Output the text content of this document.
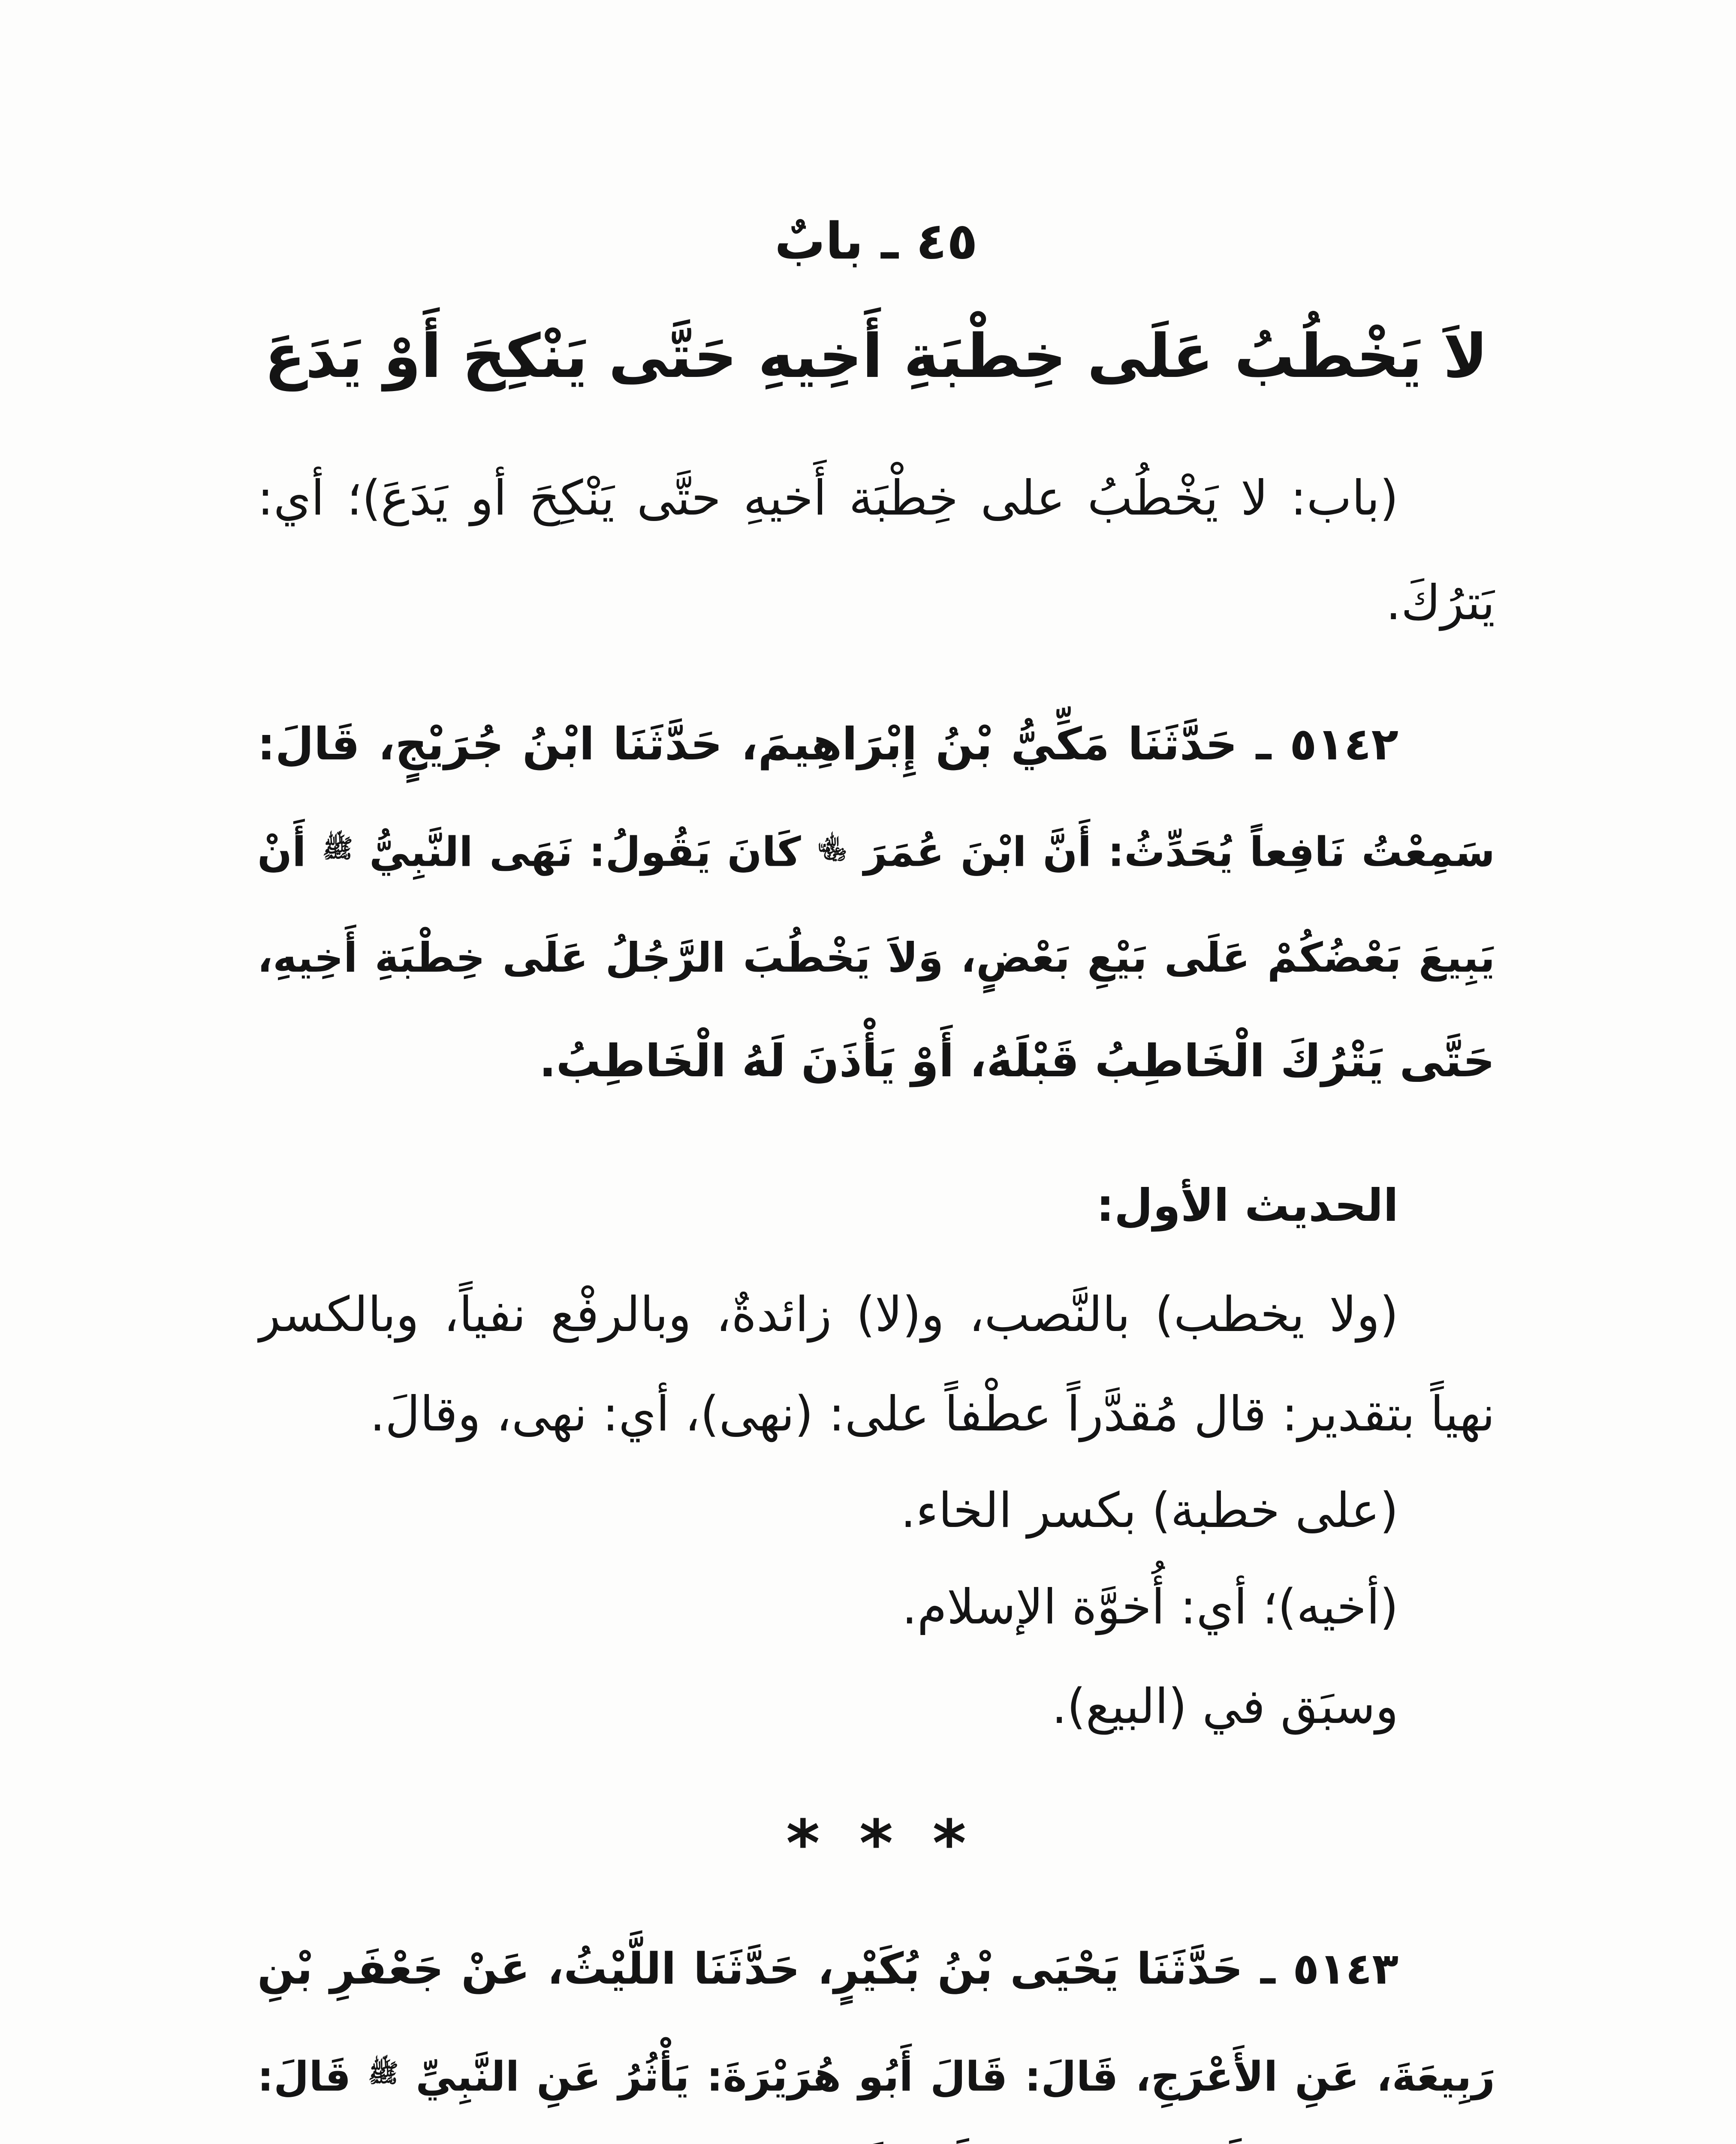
٤٥ ـ بابٌ
لاَ يَخْطُبُ عَلَى خِطْبَةِ أَخِيهِ حَتَّى يَنْكِحَ أَوْ يَدَعَ
(باب: لا يَخْطُبُ على خِطْبَة أَخيهِ حتَّى يَنْكِحَ أو يَدَعَ)؛ أي:
يَترُكَ.
٥١٤٢ ـ حَدَّثَنَا مَكِّيُّ بْنُ إِبْرَاهِيمَ، حَدَّثَنَا ابْنُ جُرَيْجٍ، قَالَ:
سَمِعْتُ نَافِعاً يُحَدِّثُ: أَنَّ ابْنَ عُمَرَ ﵄ كَانَ يَقُولُ: نَهَى النَّبِيُّ $^ﷺ$ أَنْ
يَبِيعَ بَعْضُكُمْ عَلَى بَيْعِ بَعْضٍ، وَلاَ يَخْطُبَ الرَّجُلُ عَلَى خِطْبَةِ أَخِيهِ،
حَتَّى يَتْرُكَ الْخَاطِبُ قَبْلَهُ، أَوْ يَأْذَنَ لَهُ الْخَاطِبُ.
الحديث الأول:
(ولا يخطب) بالنَّصب، و(لا) زائدةٌ، وبالرفْع نفياً، وبالكسر
نهياً بتقدير: قال مُقدَّراً عطْفاً على: (نهى)، أي: نهى، وقالَ.
(على خطبة) بكسر الخاء.
(أخيه)؛ أي: أُخوَّة الإسلام.
وسبَق في (البيع).
* * *
٥١٤٣ ـ حَدَّثَنَا يَحْيَى بْنُ بُكَيْرٍ، حَدَّثَنَا اللَّيْثُ، عَنْ جَعْفَرِ بْنِ
رَبِيعَةَ، عَنِ الأَعْرَجِ، قَالَ: قَالَ أَبُو هُرَيْرَةَ: يَأْثُرُ عَنِ النَّبِيِّ $^ﷺ$ قَالَ:
